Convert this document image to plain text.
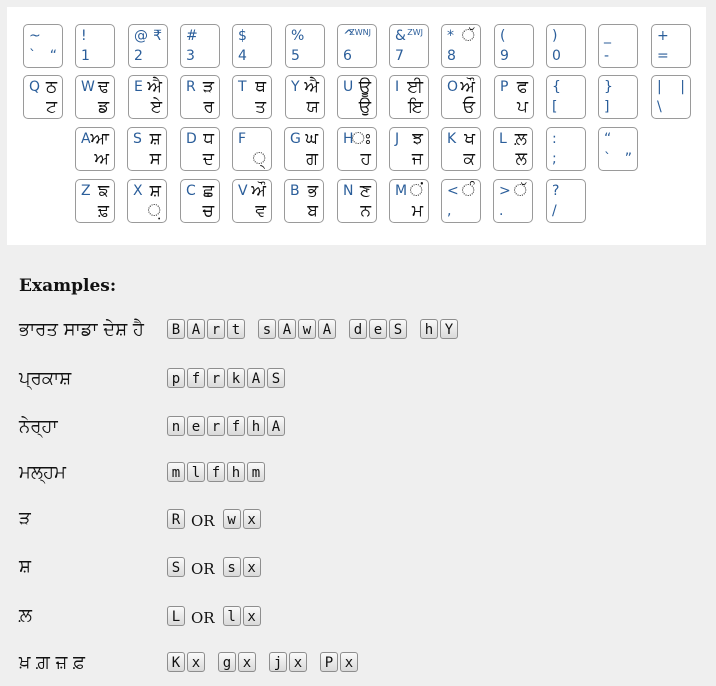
~
` “
!
1
@ ₹
2
#
3
$
4
%
5
^
ZWNJ
6
& ZWJ
7
* ੱ
8
(
9
)
0
_
-
+
=
Q ਠ
ਟ
W ਢ
ਡ
E ਐ
ਏ
R ੜ
ਰ
T ਥ
ਤ
Y ਐ
ਯ
U ਊ
ਉ
I ਈ
ਇ
O ਔ
ਓ
P ਫ
ਪ
{
[
}
]
| |
\
A ਆ
ਅ
S ਸ਼
ਸ
D ਧ
ਦ
F
੍
G ਘ
ਗ
H
ਃ
ਹ
J ਝ
ਜ
K ਖ
ਕ
L ਲ਼
ਲ
:
;
“
` ”
Z ਙ
ਢ਼
X ਸ਼
਼
C ਛ
ਚ
V ਔ
ਵ
B ਭ
ਬ
N ਣ
ਨ
M ਂ
ਮ
< ੰ
,
> ੱ
.
?
/
Examples:
ਭਾਰਤ ਸਾਡਾ ਦੇਸ਼ ਹੈ	B A r t	s A w A	d e S	h Y
ਪ੍ਰਕਾਸ਼	p f r k A S
ਨੇਰ੍ਹਾ	n e r f h A
ਮਲ੍ਹਮ	m l f h m
ੜ	R OR w x
ਸ਼	S OR s x
ਲ਼	L OR l x
ਖ਼ ਗ਼ ਜ਼ ਫ਼	K x	g x	j x	P x
